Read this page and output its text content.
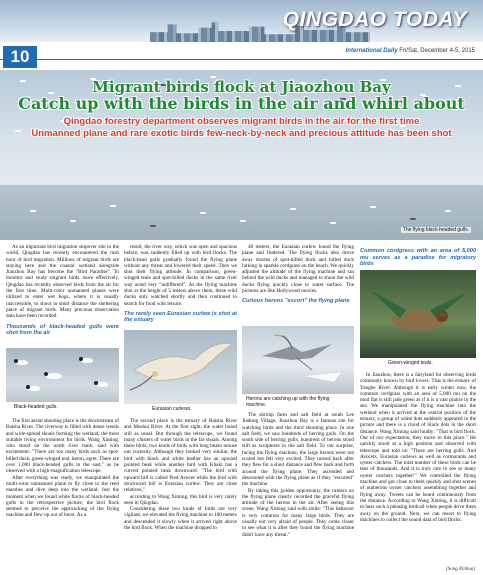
QINGDAO TODAY
10	International Daily Fri/Sat, December 4-5, 2015
Migrant birds flock at Jiaozhou Bay
Catch up with the birds in the air and whirl about
Qingdao forestry department observes migrant birds in the air for the first time
Unmanned plane and rare exotic birds few-neck-by-neck and precious attitude has been shot
The flying black-headed gulls.

As an important bird migration stopover site in the world, Qingdao has recently encountered the rush hour of bird migration. Millions of migrant birds are staying here and the coastal wetland alongside Jiaozhou Bay has become the "Bird Paradise". To monitor and study migrant birds more effectively, Qingdao has recently observed birds from the air for the first time. Multi-rotor unmanned planes were utilized to enter wet bogs, where it is usually inaccessible, to shoot in short distance the sheltering place of migrant birds. Many precious observation data have been recorded.

Thousands of black-headed gulls were shot from the air
Black-headed gulls.

The first aerial shooting place is the downstream of Baisha River. The riverway is filled with dense weeds and wide-spread shoals forming the wetland, the most suitable living environment for birds. Wang Ximing, who stood on the north river bank, said with excitement: "There are too many birds such as spot-billed duck, green-winged teal, heron, egret. There are over 1,000 black-headed gulls in the east," as he observed with a high-magnification telescope.

After everything was ready, we manipulated the multi-rotor unmanned plane to fly close to the reed marshes and dive deep into the wetland. Just the moment when we found white flocks of black-headed gulls in the retrospective picture, the bird flock seemed to perceive the approaching of the flying machine and flew up out of burst. As a

result, the river way, which was open and spacious before, was suddenly filled up with bird flocks. The black-head gulls gradually found the flying plane without any threat and lowered their speed. Then we shot their flying attitude. In comparison, green-winged teals and spot-billed ducks in the same river way acted very "indifferent". As the flying machine shot at the height of 5 meters above them, these wild ducks only watched shortly and then continued to search for food with leisure.

The rarely seen Eurasian curlew is shot at the estuary
Eurasian curlews.

The second place is the estuary of Baisha River and Moshui River. At the first sight, the water board still as usual. But through the telescope, we found many clusters of water birds in the far shoals. Among these birds, two kinds of birds with long beaks arouse our curiosity. Although they looked very similar, the bird with black and white leather has an upward pointed beak while another bird with Khaki has a curved pointed beak downward. "The bird with upward bill is called Pied Avocet while the bird with downward bill is Eurasian curlew. They are close relatives,"

according to Wang Ximing, this bird is very rarely seen in Qingdao.

Considering these two kinds of birds are very vigilant, we elevated the flying machine to 100 meters and descended it slowly when it arrived right above the bird flock. When the machine dropped to

40 meters, the Eurasian curlew found the flying plane and fluttered. The flying flocks also drove away dozens of spot-billed duck and tufted duck lurking in sparkle cordgrass on the beach. We quickly adjusted the altitude of the flying machine and ran behind the wild ducks and managed to shoot the wild ducks flying quickly close to water surface. The pictures are like Hollywood movies.

Curious herons "escort" the flying plane
Herons are catching up with the flying machine.

The shrimp farm and salt field at south Lee Jiadong Village, Jiaozhou Bay is a famous site for watching birds and the third shooting place. In one salt field, we saw hundreds of herring gulls. On the south side of herring gulls, hundreds of herons stood still as sculptures in the salt field. To our surprise, facing the flying machine, the large herons were not scared but felt very excited. They turned back after they flew for a short distance and flew back and forth around the flying plane. They ascended and descended with the flying plane as if they "escorted" the machine.

By taking this golden opportunity, the camera on the flying plane clearly recorded the graceful flying attitude of the herons in the air. After seeing this scene, Wang Ximing said with smile: "This behavior is very common for many large birds. They are usually not very afraid of people. They come closer to see what it is after they found the flying machine didn't have any threat."

Common cordgrass with an area of 5,000 mu serves as a paradise for migratory birds
Green-winged teals.

In Jiaozhou, there is a fairyland for observing birds commonly known by bird lovers. That is the estuary of Yanghe River. Although it is early winter now, the common cordgrass with an area of 5,000 mu on the mud flat is still jade green as if it is a vast prairie in the sea. We manipulated the flying machine into the wetland when it arrived at the central position of the estuary, a group of white dots suddenly appeared in the picture and there is a cloud of black dots in the short distance. Wang Ximing said loudly: "That is bird flock. Out of our expectation, they move to this place." He quickly stood at a high position and observed with telescope and told us: "There are herring gulls. And Avocets, Eurasian curlews as well as cormorants and oyster catchers. The total number of these birds can be tens of thousands. And it is truly rare to see so many oyster catchers together!" We controlled the flying machine and got close to them quickly and shot scenes of numerous oyster catchers assembling together and flying away. Tweets can be heard continuously from the distance. According to Wang Ximing, it is difficult to hear such a pleasing birdcall when people drive them away on the ground. Next, we can resort to flying machines to collect the sound data of bird flocks.

(Song Xinhua)
